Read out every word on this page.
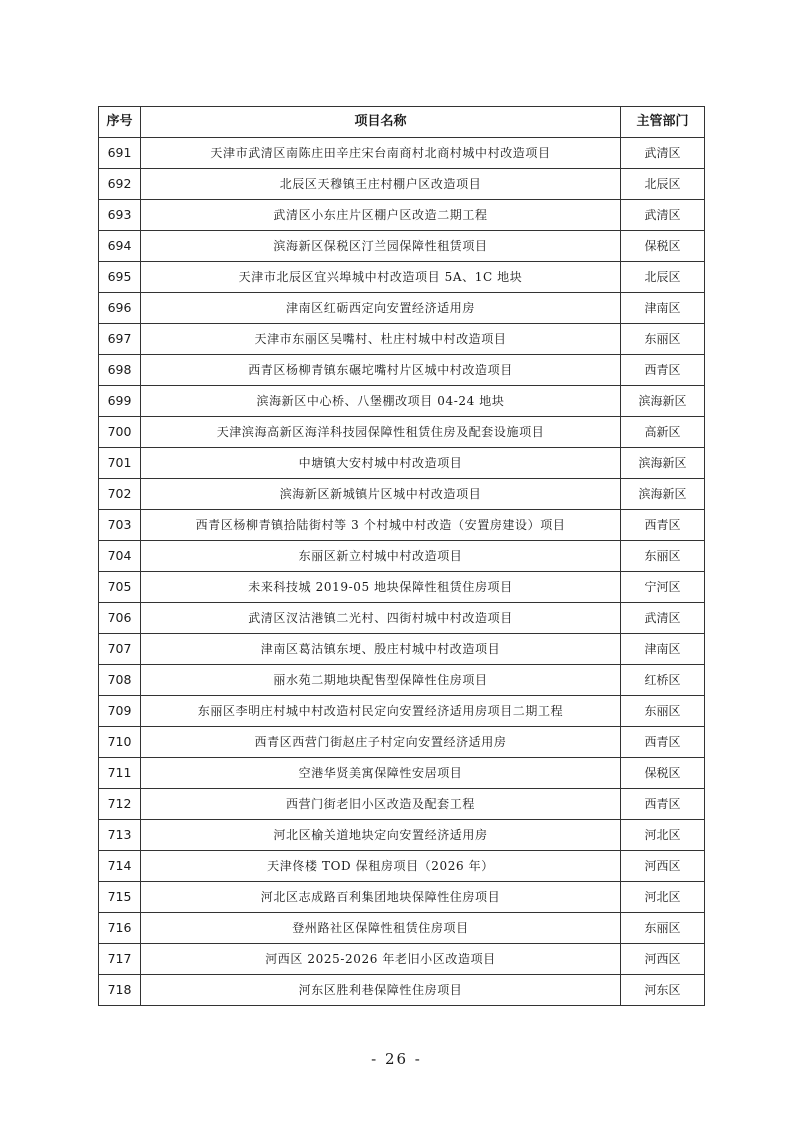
序号	项目名称	主管部门
691	天津市武清区南陈庄田辛庄宋台南商村北商村城中村改造项目	武清区
692	北辰区天穆镇王庄村棚户区改造项目	北辰区
693	武清区小东庄片区棚户区改造二期工程	武清区
694	滨海新区保税区汀兰园保障性租赁项目	保税区
695	天津市北辰区宜兴埠城中村改造项目 5A、1C 地块	北辰区
696	津南区红砺西定向安置经济适用房	津南区
697	天津市东丽区吴嘴村、杜庄村城中村改造项目	东丽区
698	西青区杨柳青镇东碾坨嘴村片区城中村改造项目	西青区
699	滨海新区中心桥、八堡棚改项目 04-24 地块	滨海新区
700	天津滨海高新区海洋科技园保障性租赁住房及配套设施项目	高新区
701	中塘镇大安村城中村改造项目	滨海新区
702	滨海新区新城镇片区城中村改造项目	滨海新区
703	西青区杨柳青镇拾陆街村等 3 个村城中村改造（安置房建设）项目	西青区
704	东丽区新立村城中村改造项目	东丽区
705	未来科技城 2019-05 地块保障性租赁住房项目	宁河区
706	武清区汊沽港镇二光村、四街村城中村改造项目	武清区
707	津南区葛沽镇东埂、殷庄村城中村改造项目	津南区
708	丽水苑二期地块配售型保障性住房项目	红桥区
709	东丽区李明庄村城中村改造村民定向安置经济适用房项目二期工程	东丽区
710	西青区西营门街赵庄子村定向安置经济适用房	西青区
711	空港华贤美寓保障性安居项目	保税区
712	西营门街老旧小区改造及配套工程	西青区
713	河北区榆关道地块定向安置经济适用房	河北区
714	天津佟楼 TOD 保租房项目（2026 年）	河西区
715	河北区志成路百利集团地块保障性住房项目	河北区
716	登州路社区保障性租赁住房项目	东丽区
717	河西区 2025-2026 年老旧小区改造项目	河西区
718	河东区胜利巷保障性住房项目	河东区
- 26 -
